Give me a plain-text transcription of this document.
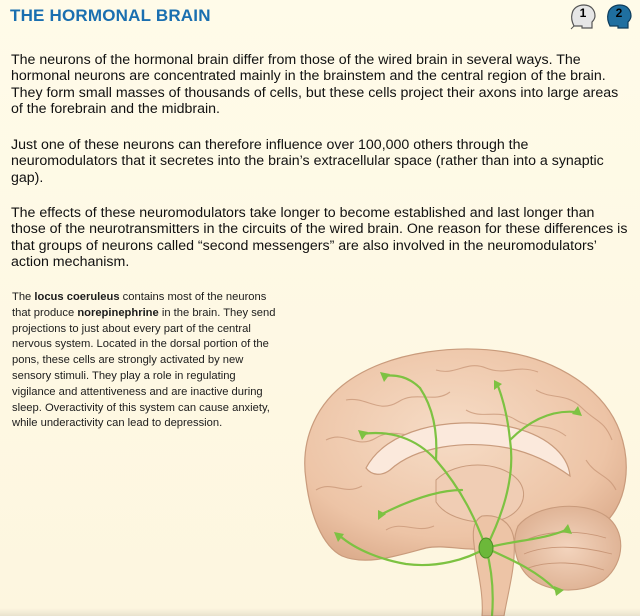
THE HORMONAL BRAIN	1	2

The neurons of the hormonal brain differ from those of the wired brain in several ways. The hormonal neurons are concentrated mainly in the brainstem and the central region of the brain. They form small masses of thousands of cells, but these cells project their axons into large areas of the forebrain and the midbrain.

Just one of these neurons can therefore influence over 100,000 others through the neuromodulators that it secretes into the brain’s extracellular space (rather than into a synaptic gap).

The effects of these neuromodulators take longer to become established and last longer than those of the neurotransmitters in the circuits of the wired brain. One reason for these differences is that groups of neurons called “second messengers” are also involved in the neuromodulators’ action mechanism.

The locus coeruleus contains most of the neurons that produce norepinephrine in the brain. They send projections to just about every part of the central nervous system. Located in the dorsal portion of the pons, these cells are strongly activated by new sensory stimuli. They play a role in regulating vigilance and attentiveness and are inactive during sleep. Overactivity of this system can cause anxiety, while underactivity can lead to depression.
